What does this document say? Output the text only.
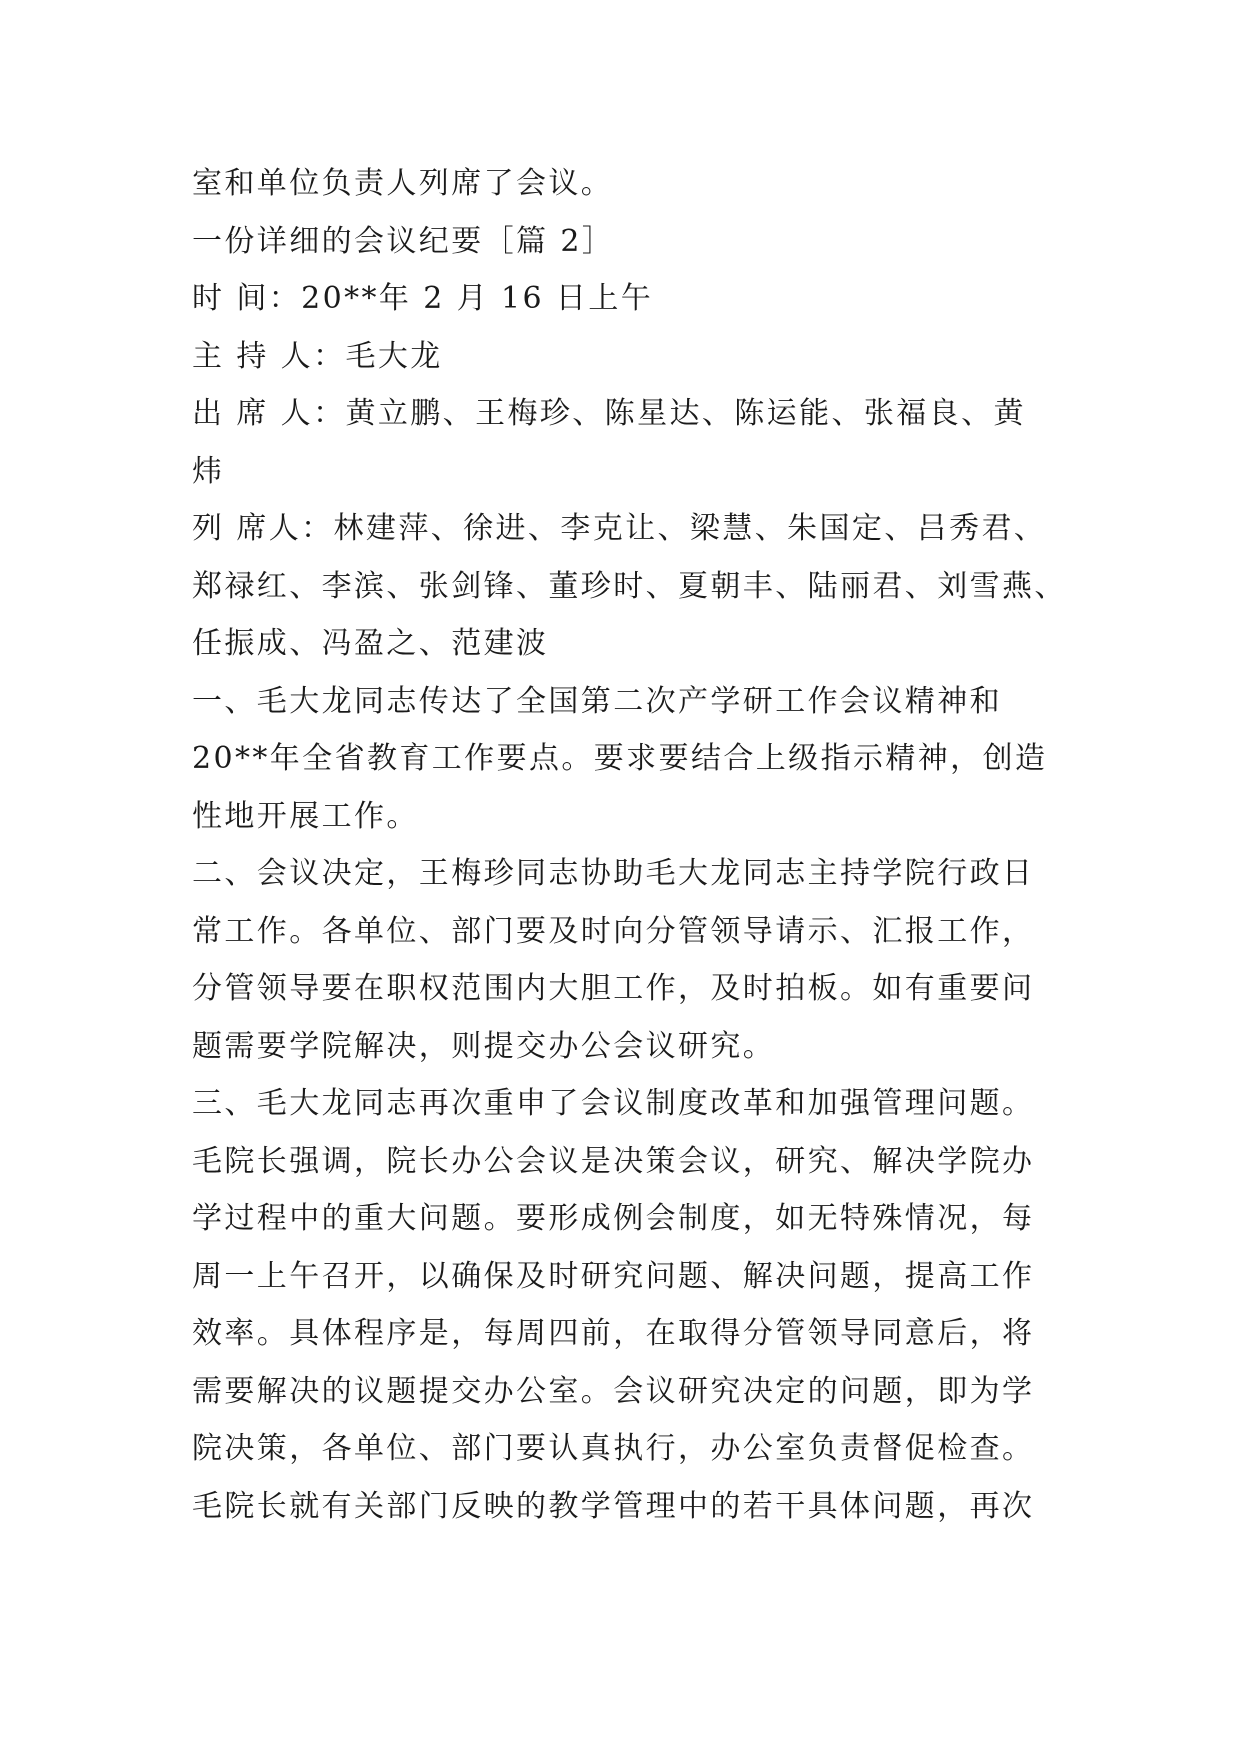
室和单位负责人列席了会议。
一份详细的会议纪要［篇 2］
时 间：20**年 2 月 16 日上午
主 持 人：毛大龙
出 席 人：黄立鹏、王梅珍、陈星达、陈运能、张福良、黄
炜
列 席人：林建萍、徐进、李克让、梁慧、朱国定、吕秀君、
郑禄红、李滨、张剑锋、董珍时、夏朝丰、陆丽君、刘雪燕、
任振成、冯盈之、范建波
一、毛大龙同志传达了全国第二次产学研工作会议精神和
20**年全省教育工作要点。要求要结合上级指示精神，创造
性地开展工作。
二、会议决定，王梅珍同志协助毛大龙同志主持学院行政日
常工作。各单位、部门要及时向分管领导请示、汇报工作，
分管领导要在职权范围内大胆工作，及时拍板。如有重要问
题需要学院解决，则提交办公会议研究。
三、毛大龙同志再次重申了会议制度改革和加强管理问题。
毛院长强调，院长办公会议是决策会议，研究、解决学院办
学过程中的重大问题。要形成例会制度，如无特殊情况，每
周一上午召开，以确保及时研究问题、解决问题，提高工作
效率。具体程序是，每周四前，在取得分管领导同意后，将
需要解决的议题提交办公室。会议研究决定的问题，即为学
院决策，各单位、部门要认真执行，办公室负责督促检查。
毛院长就有关部门反映的教学管理中的若干具体问题，再次
